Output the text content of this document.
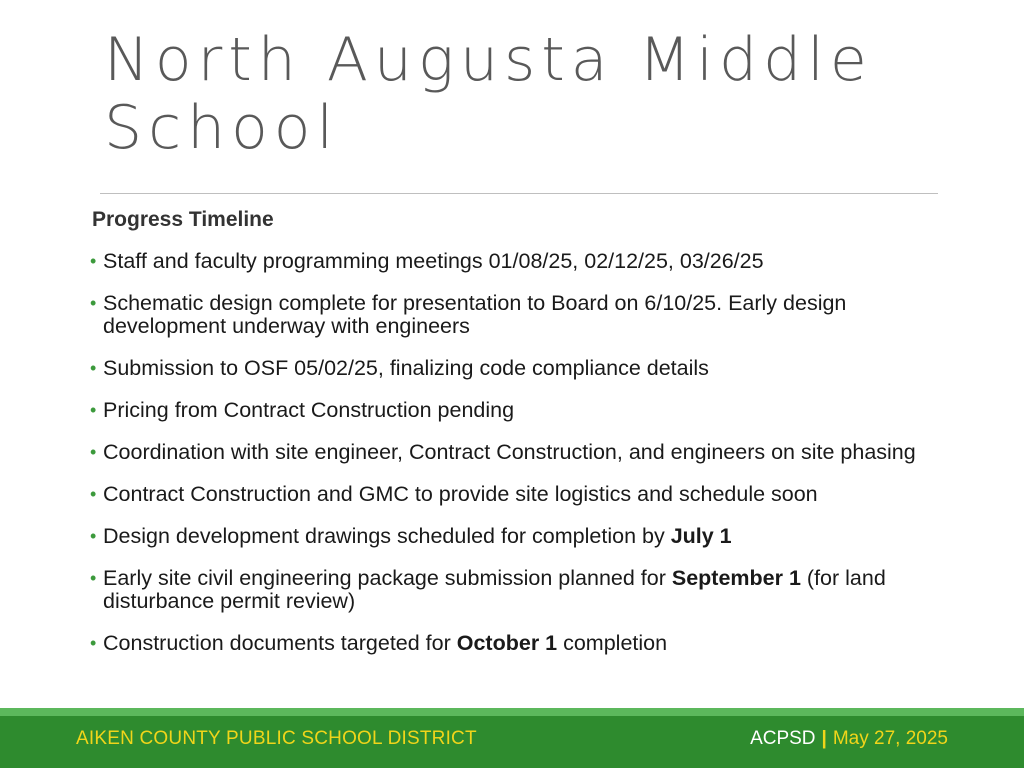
North Augusta Middle School
Progress Timeline
• Staff and faculty programming meetings 01/08/25, 02/12/25, 03/26/25
• Schematic design complete for presentation to Board on 6/10/25. Early design development underway with engineers
• Submission to OSF 05/02/25, finalizing code compliance details
• Pricing from Contract Construction pending
• Coordination with site engineer, Contract Construction, and engineers on site phasing
• Contract Construction and GMC to provide site logistics and schedule soon
• Design development drawings scheduled for completion by July 1
• Early site civil engineering package submission planned for September 1 (for land disturbance permit review)
• Construction documents targeted for October 1 completion
AIKEN COUNTY PUBLIC SCHOOL DISTRICT	ACPSD | May 27, 2025
